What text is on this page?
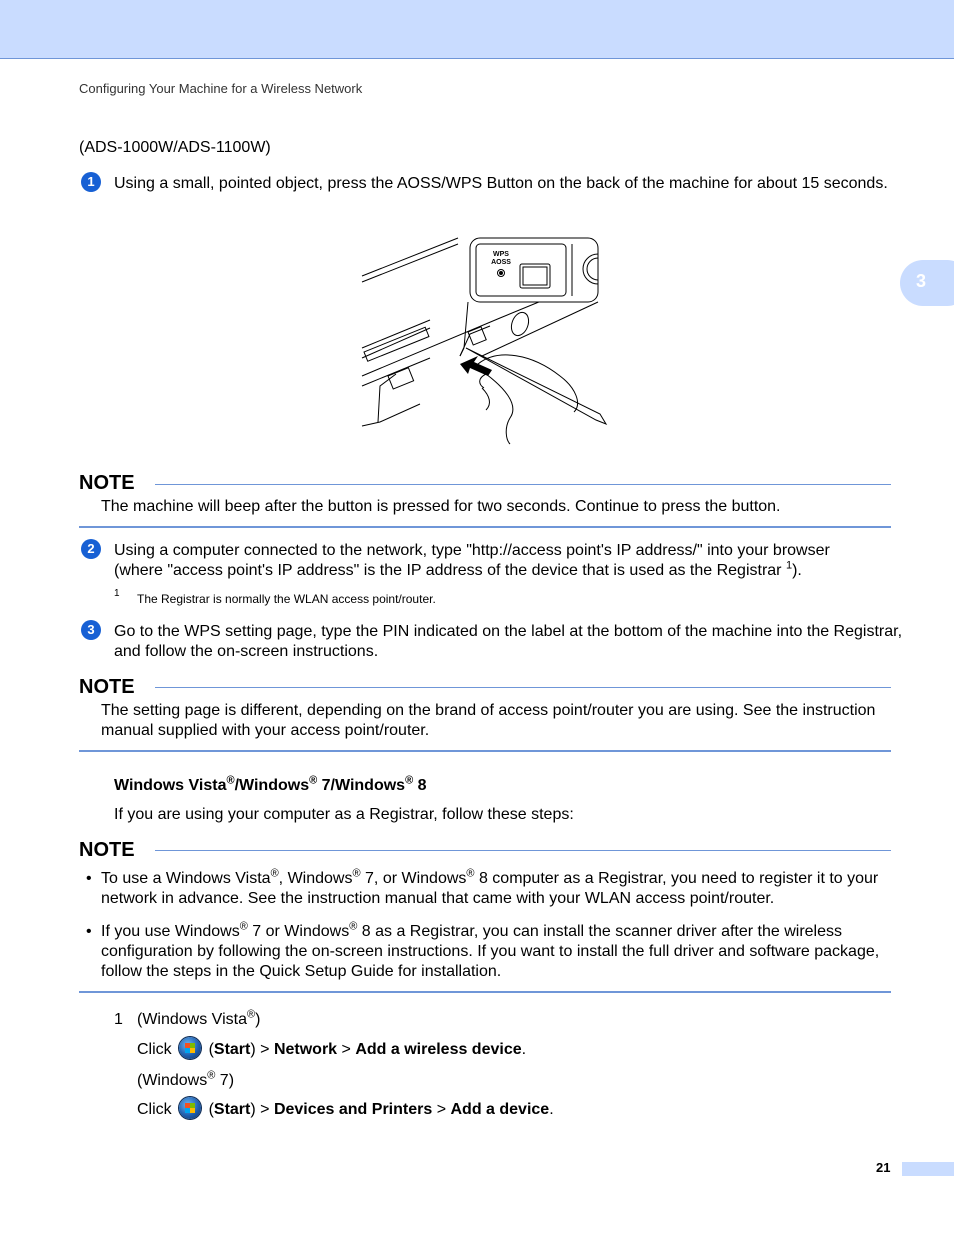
Configuring Your Machine for a Wireless Network
3
(ADS-1000W/ADS-1100W)
1	Using a small, pointed object, press the AOSS/WPS Button on the back of the machine for about 15 seconds.
WPS
AOSS
NOTE
The machine will beep after the button is pressed for two seconds. Continue to press the button.
2	Using a computer connected to the network, type "http://access point's IP address/" into your browser
(where "access point's IP address" is the IP address of the device that is used as the Registrar $^1$).
1 The Registrar is normally the WLAN access point/router.
3	Go to the WPS setting page, type the PIN indicated on the label at the bottom of the machine into the Registrar, and follow the on-screen instructions.
NOTE
The setting page is different, depending on the brand of access point/router you are using. See the instruction manual supplied with your access point/router.
Windows Vista®/Windows® 7/Windows® 8
If you are using your computer as a Registrar, follow these steps:
NOTE
• To use a Windows Vista®, Windows® 7, or Windows® 8 computer as a Registrar, you need to register it to your network in advance. See the instruction manual that came with your WLAN access point/router.
• If you use Windows® 7 or Windows® 8 as a Registrar, you can install the scanner driver after the wireless configuration by following the on-screen instructions. If you want to install the full driver and software package, follow the steps in the Quick Setup Guide for installation.
1 (Windows Vista®)
Click (Start) > Network > Add a wireless device.
(Windows® 7)
Click (Start) > Devices and Printers > Add a device.
21
